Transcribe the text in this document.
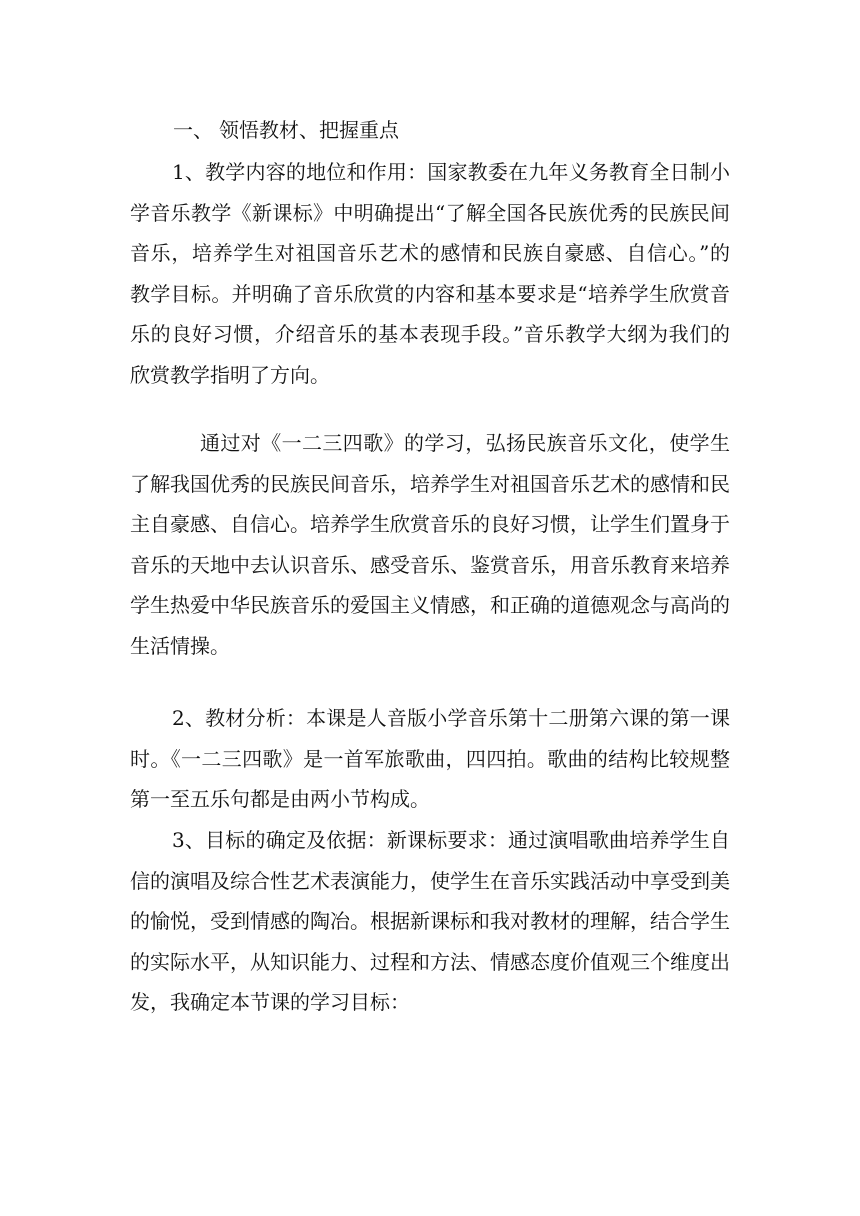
一、 领悟教材、把握重点

1、教学内容的地位和作用：国家教委在九年义务教育全日制小学音乐教学《新课标》中明确提出“了解全国各民族优秀的民族民间音乐，培养学生对祖国音乐艺术的感情和民族自豪感、自信心。”的教学目标。并明确了音乐欣赏的内容和基本要求是“培养学生欣赏音乐的良好习惯，介绍音乐的基本表现手段。”音乐教学大纲为我们的欣赏教学指明了方向。

通过对《一二三四歌》的学习，弘扬民族音乐文化，使学生了解我国优秀的民族民间音乐，培养学生对祖国音乐艺术的感情和民主自豪感、自信心。培养学生欣赏音乐的良好习惯，让学生们置身于音乐的天地中去认识音乐、感受音乐、鉴赏音乐，用音乐教育来培养学生热爱中华民族音乐的爱国主义情感，和正确的道德观念与高尚的生活情操。

2、教材分析：本课是人音版小学音乐第十二册第六课的第一课时。《一二三四歌》是一首军旅歌曲，四四拍。歌曲的结构比较规整第一至五乐句都是由两小节构成。

3、目标的确定及依据：新课标要求：通过演唱歌曲培养学生自信的演唱及综合性艺术表演能力，使学生在音乐实践活动中享受到美的愉悦，受到情感的陶冶。根据新课标和我对教材的理解，结合学生的实际水平，从知识能力、过程和方法、情感态度价值观三个维度出发，我确定本节课的学习目标：
